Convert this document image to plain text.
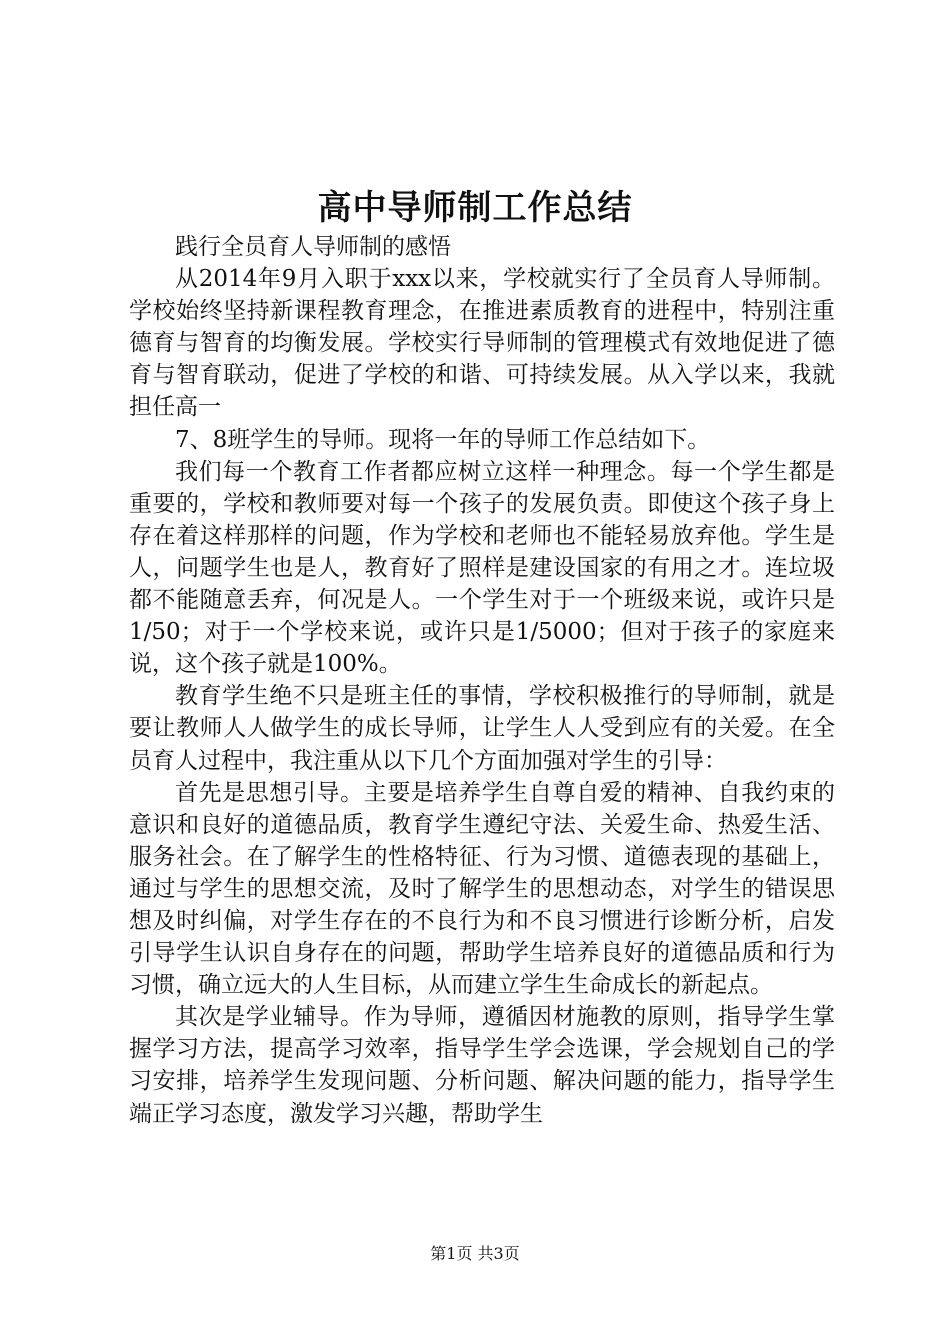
高中导师制工作总结

践行全员育人导师制的感悟

从2014年9月入职于xxx以来，学校就实行了全员育人导师制。学校始终坚持新课程教育理念，在推进素质教育的进程中，特别注重德育与智育的均衡发展。学校实行导师制的管理模式有效地促进了德育与智育联动，促进了学校的和谐、可持续发展。从入学以来，我就担任高一

7、8班学生的导师。现将一年的导师工作总结如下。

我们每一个教育工作者都应树立这样一种理念。每一个学生都是重要的，学校和教师要对每一个孩子的发展负责。即使这个孩子身上存在着这样那样的问题，作为学校和老师也不能轻易放弃他。学生是人，问题学生也是人，教育好了照样是建设国家的有用之才。连垃圾都不能随意丢弃，何况是人。一个学生对于一个班级来说，或许只是1/50；对于一个学校来说，或许只是1/5000；但对于孩子的家庭来说，这个孩子就是100%。

教育学生绝不只是班主任的事情，学校积极推行的导师制，就是要让教师人人做学生的成长导师，让学生人人受到应有的关爱。在全员育人过程中，我注重从以下几个方面加强对学生的引导：

首先是思想引导。主要是培养学生自尊自爱的精神、自我约束的意识和良好的道德品质，教育学生遵纪守法、关爱生命、热爱生活、服务社会。在了解学生的性格特征、行为习惯、道德表现的基础上，通过与学生的思想交流，及时了解学生的思想动态，对学生的错误思想及时纠偏，对学生存在的不良行为和不良习惯进行诊断分析，启发引导学生认识自身存在的问题，帮助学生培养良好的道德品质和行为习惯，确立远大的人生目标，从而建立学生生命成长的新起点。

其次是学业辅导。作为导师，遵循因材施教的原则，指导学生掌握学习方法，提高学习效率，指导学生学会选课，学会规划自己的学习安排，培养学生发现问题、分析问题、解决问题的能力，指导学生端正学习态度，激发学习兴趣，帮助学生

第1页 共3页
